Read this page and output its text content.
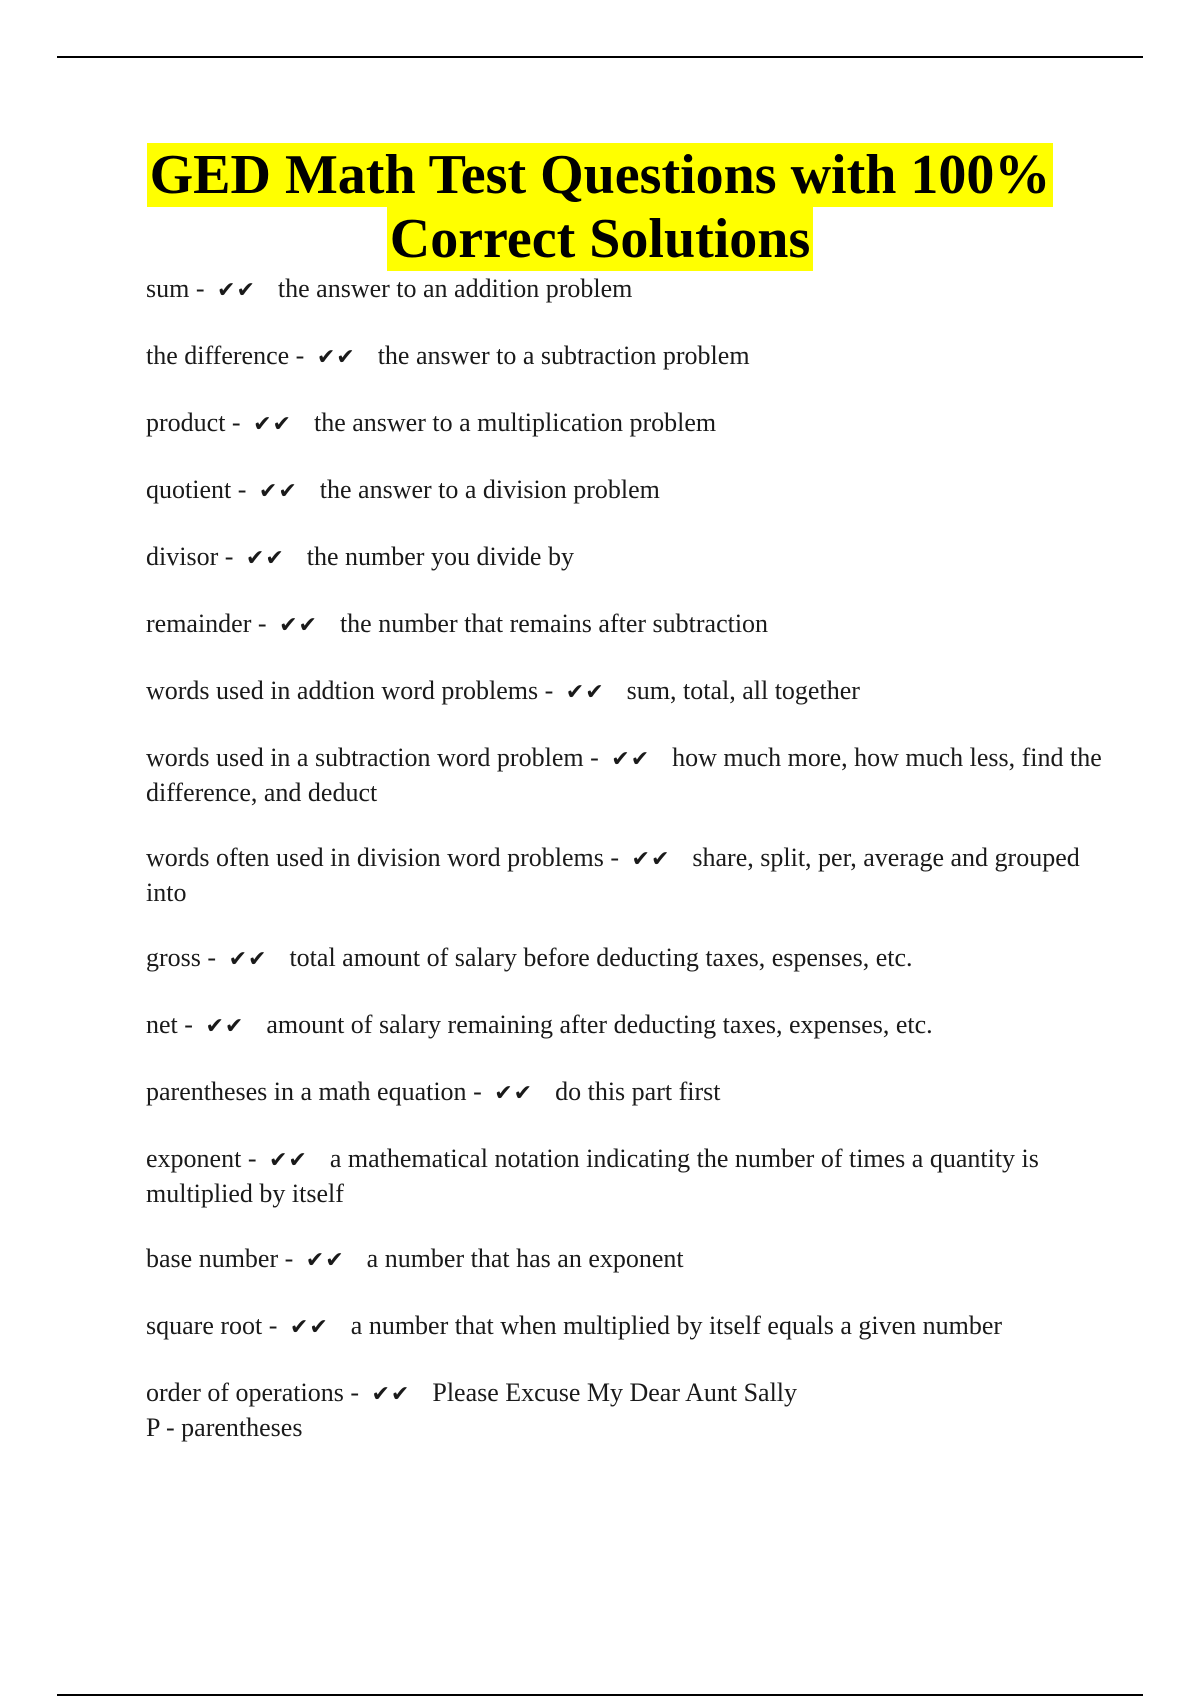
GED Math Test Questions with 100%
Correct Solutions
sum - ✔✔ the answer to an addition problem
the difference - ✔✔ the answer to a subtraction problem
product - ✔✔ the answer to a multiplication problem
quotient - ✔✔ the answer to a division problem
divisor - ✔✔ the number you divide by
remainder - ✔✔ the number that remains after subtraction
words used in addtion word problems - ✔✔ sum, total, all together
words used in a subtraction word problem - ✔✔ how much more, how much less, find the difference, and deduct
words often used in division word problems - ✔✔ share, split, per, average and grouped into
gross - ✔✔ total amount of salary before deducting taxes, espenses, etc.
net - ✔✔ amount of salary remaining after deducting taxes, expenses, etc.
parentheses in a math equation - ✔✔ do this part first
exponent - ✔✔ a mathematical notation indicating the number of times a quantity is multiplied by itself
base number - ✔✔ a number that has an exponent
square root - ✔✔ a number that when multiplied by itself equals a given number
order of operations - ✔✔ Please Excuse My Dear Aunt Sally
P - parentheses
